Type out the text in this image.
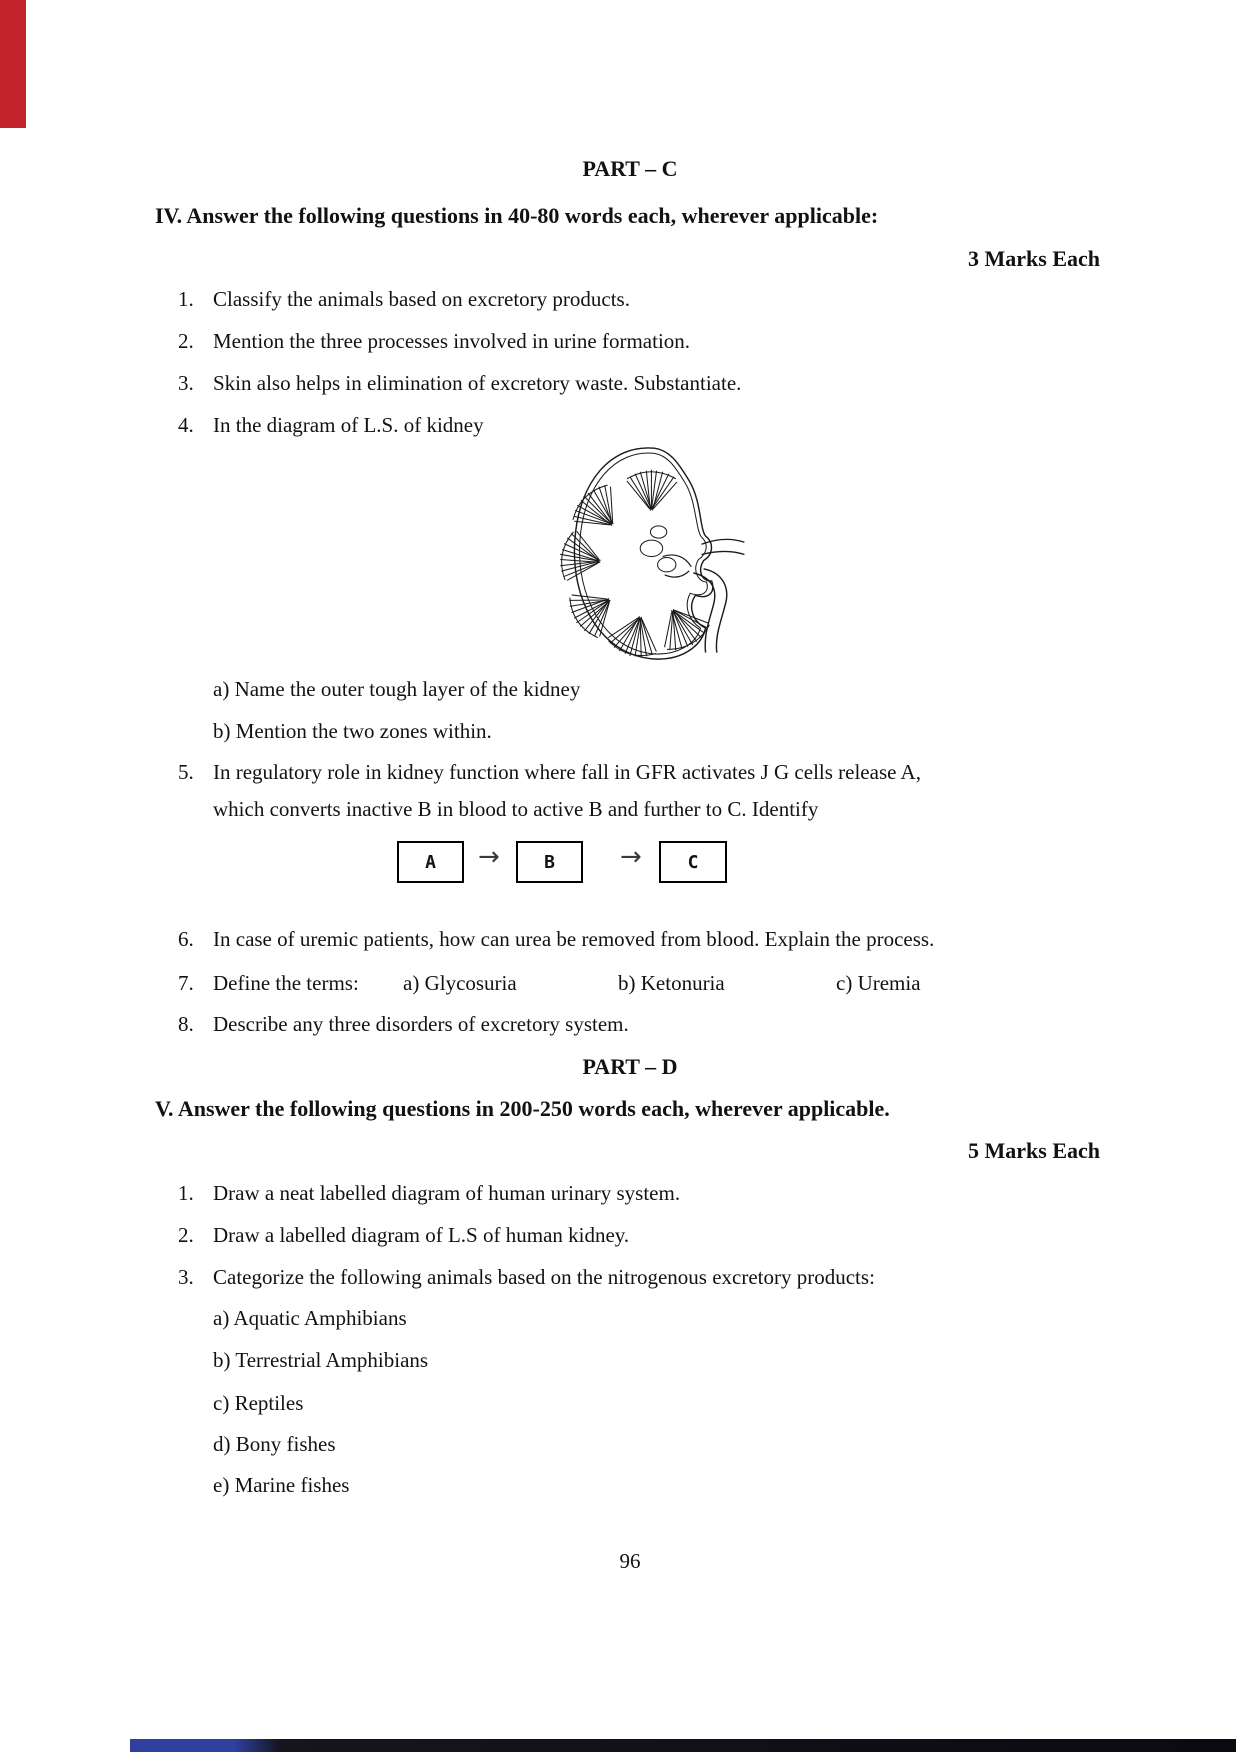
PART – C
IV. Answer the following questions in 40-80 words each, wherever applicable:
3 Marks Each
1. Classify the animals based on excretory products.
2. Mention the three processes involved in urine formation.
3. Skin also helps in elimination of excretory waste. Substantiate.
4. In the diagram of L.S. of kidney
a) Name the outer tough layer of the kidney
b) Mention the two zones within.
5. In regulatory role in kidney function where fall in GFR activates J G cells release A,
which converts inactive B in blood to active B and further to C. Identify
A → B	→	C
6. In case of uremic patients, how can urea be removed from blood. Explain the process.
7. Define the terms:	a) Glycosuria	b) Ketonuria	c) Uremia
8. Describe any three disorders of excretory system.
PART – D
V. Answer the following questions in 200-250 words each, wherever applicable.
5 Marks Each
1. Draw a neat labelled diagram of human urinary system.
2. Draw a labelled diagram of L.S of human kidney.
3. Categorize the following animals based on the nitrogenous excretory products:
a) Aquatic Amphibians
b) Terrestrial Amphibians
c) Reptiles
d) Bony fishes
e) Marine fishes
96
